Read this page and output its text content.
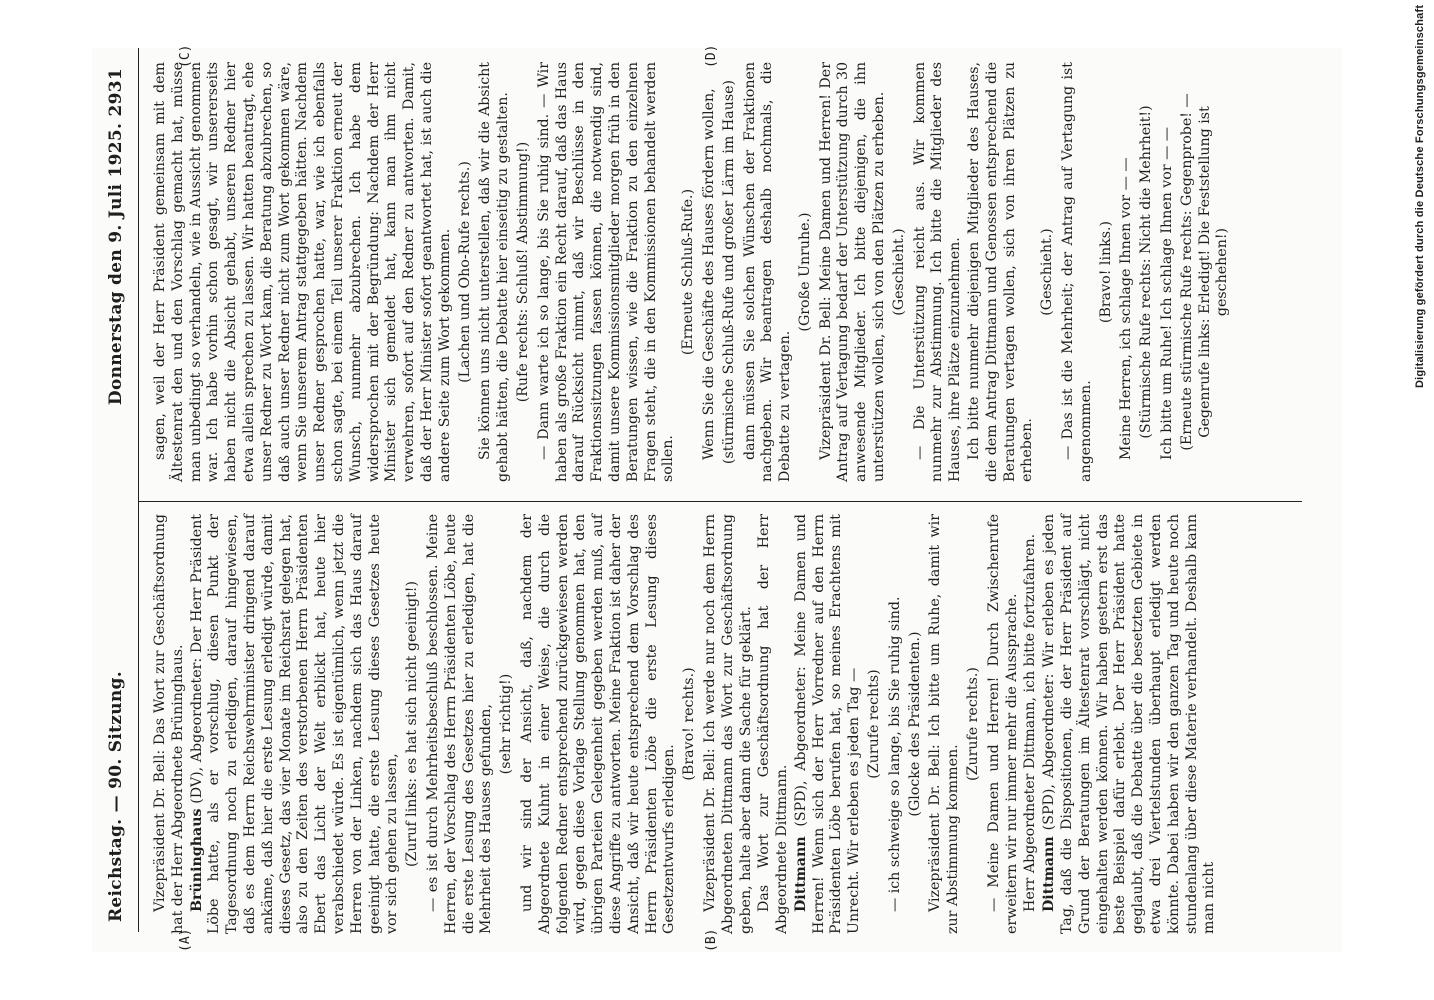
Reichstag. — 90. Sitzung.
Donnerstag den 9. Juli 1925. 2931
(A)	(B)
(C)	(D)

Vizepräsident Dr. Bell: Das Wort zur Geschäftsordnung hat der Herr Abgeordnete Brüninghaus. Brüninghaus (DV), Abgeordneter: Der Herr Präsident Löbe hatte, als er vorschlug, diesen Punkt der Tagesordnung noch zu erledigen, darauf hingewiesen, daß es dem Herrn Reichswehrminister dringend darauf ankäme, daß hier die erste Lesung erledigt würde, damit dieses Gesetz, das vier Monate im Reichsrat gelegen hat, also zu den Zeiten des verstorbenen Herrn Präsidenten Ebert das Licht der Welt erblickt hat, heute hier verabschiedet würde. Es ist eigentümlich, wenn jetzt die Herren von der Linken, nachdem sich das Haus darauf geeinigt hatte, die erste Lesung dieses Gesetzes heute vor sich gehen zu lassen, (Zuruf links: es hat sich nicht geeinigt!) — es ist durch Mehrheitsbeschluß beschlossen. Meine Herren, der Vorschlag des Herrn Präsidenten Löbe, heute die erste Lesung des Gesetzes hier zu erledigen, hat die Mehrheit des Hauses gefunden, (sehr richtig!) und wir sind der Ansicht, daß, nachdem der Abgeordnete Kuhnt in einer Weise, die durch die folgenden Redner entsprechend zurückgewiesen werden wird, gegen diese Vorlage Stellung genommen hat, den übrigen Parteien Gelegenheit gegeben werden muß, auf diese Angriffe zu antworten. Meine Fraktion ist daher der Ansicht, daß wir heute entsprechend dem Vorschlag des Herrn Präsidenten Löbe die erste Lesung dieses Gesetzentwurfs erledigen.

(Bravo! rechts.) Vizepräsident Dr. Bell: Ich werde nur noch dem Herrn Abgeordneten Dittmann das Wort zur Geschäftsordnung geben, halte aber dann die Sache für geklärt. Das Wort zur Geschäftsordnung hat der Herr Abgeordnete Dittmann. Dittmann (SPD), Abgeordneter: Meine Damen und Herren! Wenn sich der Herr Vorredner auf den Herrn Präsidenten Löbe berufen hat, so meines Erachtens mit Unrecht. Wir erleben es jeden Tag — (Zurufe rechts) — ich schweige so lange, bis Sie ruhig sind. (Glocke des Präsidenten.) Vizepräsident Dr. Bell: Ich bitte um Ruhe, damit wir zur Abstimmung kommen.

(Zurufe rechts.) — Meine Damen und Herren! Durch Zwischenrufe erweitern wir nur immer mehr die Aussprache. Herr Abgeordneter Dittmann, ich bitte fortzufahren. Dittmann (SPD), Abgeordneter: Wir erleben es jeden Tag, daß die Dispositionen, die der Herr Präsident auf Grund der Beratungen im Ältestenrat vorschlägt, nicht eingehalten werden können. Wir haben gestern erst das beste Beispiel dafür erlebt. Der Herr Präsident hatte geglaubt, daß die Debatte über die besetzten Gebiete in etwa drei Viertelstunden überhaupt erledigt werden könnte. Dabei haben wir den ganzen Tag und heute noch stundenlang über diese Materie verhandelt. Deshalb kann man nicht

sagen, weil der Herr Präsident gemeinsam mit dem Ältestenrat den und den Vorschlag gemacht hat, müsse man unbedingt so verhandeln, wie in Aussicht genommen war. Ich habe vorhin schon gesagt, wir unsererseits haben nicht die Absicht gehabt, unseren Redner hier etwa allein sprechen zu lassen. Wir hatten beantragt, ehe unser Redner zu Wort kam, die Beratung abzubrechen, so daß auch unser Redner nicht zum Wort gekommen wäre, wenn Sie unserem Antrag stattgegeben hätten. Nachdem unser Redner gesprochen hatte, war, wie ich ebenfalls schon sagte, bei einem Teil unserer Fraktion erneut der Wunsch, nunmehr abzubrechen. Ich habe dem widersprochen mit der Begründung: Nachdem der Herr Minister sich gemeldet hat, kann man ihm nicht verwehren, sofort auf den Redner zu antworten. Damit, daß der Herr Minister sofort geantwortet hat, ist auch die andere Seite zum Wort gekommen. (Lachen und Oho-Rufe rechts.) Sie können uns nicht unterstellen, daß wir die Absicht gehabt hätten, die Debatte hier einseitig zu gestalten. (Rufe rechts: Schluß! Abstimmung!) — Dann warte ich so lange, bis Sie ruhig sind. — Wir haben als große Fraktion ein Recht darauf, daß das Haus darauf Rücksicht nimmt, daß wir Beschlüsse in den Fraktionssitzungen fassen können, die notwendig sind, damit unsere Kommissionsmitglieder morgen früh in den Beratungen wissen, wie die Fraktion zu den einzelnen Fragen steht, die in den Kommissionen behandelt werden sollen.

(Erneute Schluß-Rufe.) Wenn Sie die Geschäfte des Hauses fördern wollen, (stürmische Schluß-Rufe und großer Lärm im Hause) dann müssen Sie solchen Wünschen der Fraktionen nachgeben. Wir beantragen deshalb nochmals, die Debatte zu vertagen.

(Große Unruhe.) Vizepräsident Dr. Bell: Meine Damen und Herren! Der Antrag auf Vertagung bedarf der Unterstützung durch 30 anwesende Mitglieder. Ich bitte diejenigen, die ihn unterstützen wollen, sich von den Plätzen zu erheben. (Geschieht.) — Die Unterstützung reicht aus. Wir kommen nunmehr zur Abstimmung. Ich bitte die Mitglieder des Hauses, ihre Plätze einzunehmen. Ich bitte nunmehr diejenigen Mitglieder des Hauses, die dem Antrag Dittmann und Genossen entsprechend die Beratungen vertagen wollen, sich von ihren Plätzen zu erheben.

(Geschieht.) — Das ist die Mehrheit; der Antrag auf Vertagung ist angenommen.

(Bravo! links.) Meine Herren, ich schlage Ihnen vor — — (Stürmische Rufe rechts: Nicht die Mehrheit!) Ich bitte um Ruhe! Ich schlage Ihnen vor — — (Erneute stürmische Rufe rechts: Gegenprobe! — Gegenrufe links: Erledigt! Die Feststellung ist geschehen!)	Digitalisierung gefördert durch die Deutsche Forschungsgemeinschaft
